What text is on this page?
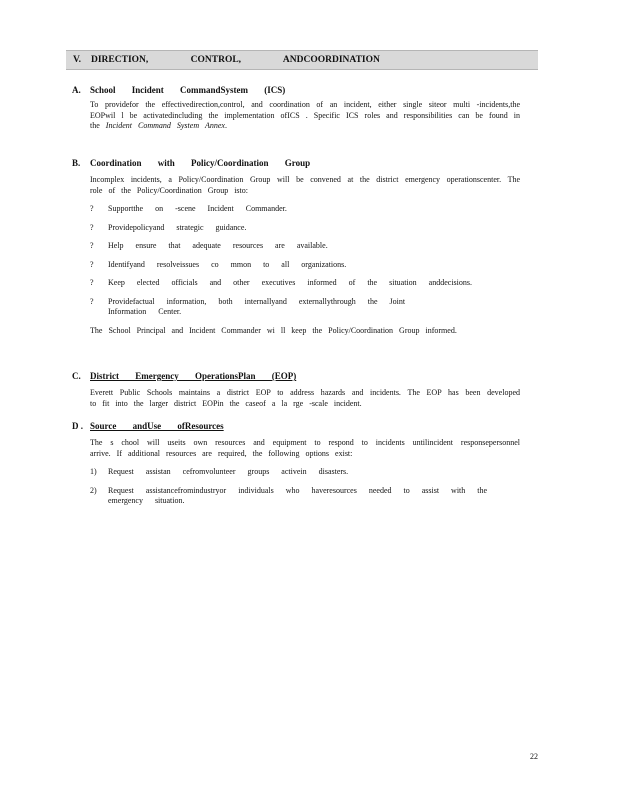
V. DIRECTION, CONTROL, ANDCOORDINATION
A. School Incident CommandSystem (ICS)
To providefor the effectivedirection,control, and coordination of an incident, either single siteor multi -incidents,the EOPwil l be activatedincluding the implementation ofICS . Specific ICS roles and responsibilities can be found in the Incident Command System Annex.
B. Coordination with Policy/Coordination Group
Incomplex incidents, a Policy/Coordination Group will be convened at the district emergency operationscenter. The role of the Policy/Coordination Group isto:
? Supportthe on -scene Incident Commander.
? Providepolicyand strategic guidance.
? Help ensure that adequate resources are available.
? Identifyand resolveissues co mmon to all organizations.
? Keep elected officials and other executives informed of the situation anddecisions.
? Providefactual information, both internallyand externallythrough the Joint Information Center.
The School Principal and Incident Commander wi ll keep the Policy/Coordination Group informed.
C. District Emergency OperationsPlan (EOP)
Everett Public Schools maintains a district EOP to address hazards and incidents. The EOP has been developed to fit into the larger district EOPin the caseof a la rge -scale incident.
D . Source andUse ofResources
The s chool will useits own resources and equipment to respond to incidents untilincident responsepersonnel arrive. If additional resources are required, the following options exist:
1) Request assistan cefromvolunteer groups activein disasters.
2) Request assistancefromindustryor individuals who haveresources needed to assist with the emergency situation.
22
